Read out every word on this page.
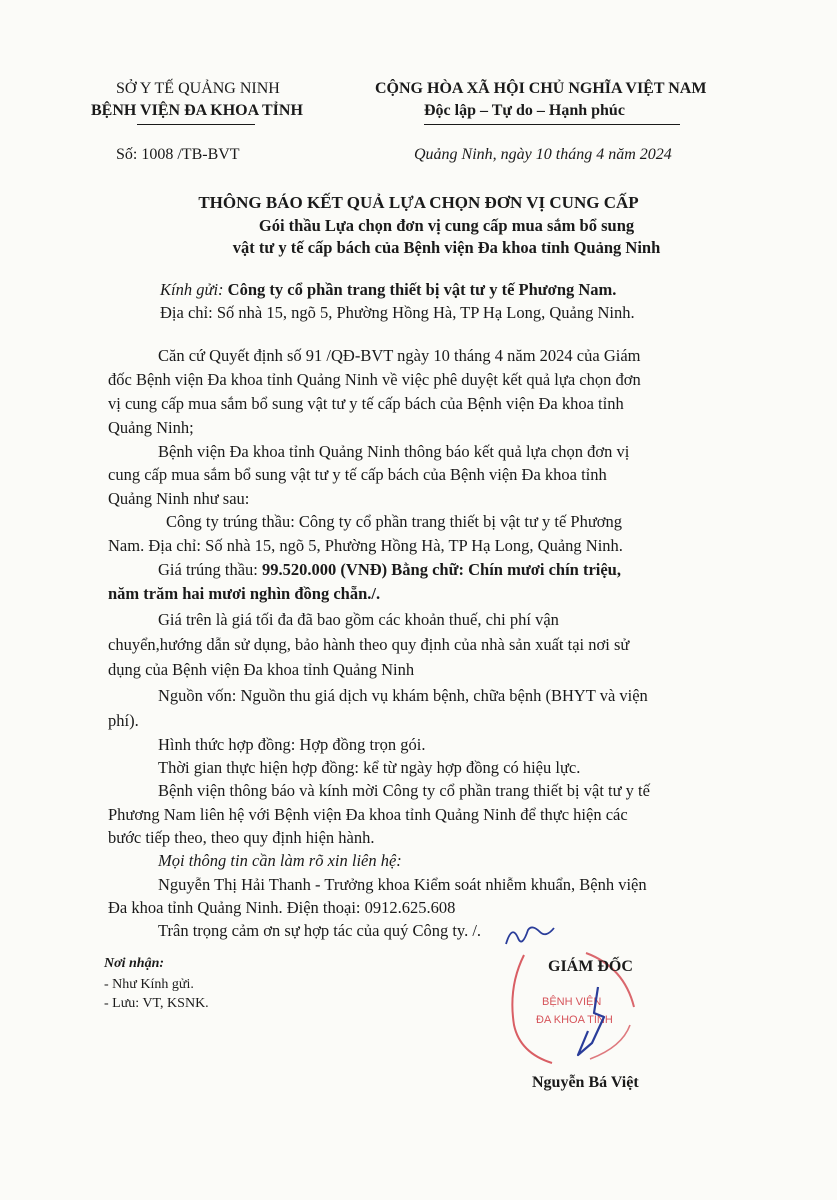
SỞ Y TẾ QUẢNG NINH
BỆNH VIỆN ĐA KHOA TỈNH
CỘNG HÒA XÃ HỘI CHỦ NGHĨA VIỆT NAM
Độc lập – Tự do – Hạnh phúc
Số: 1008 /TB-BVT	Quảng Ninh, ngày 10 tháng 4 năm 2024
THÔNG BÁO KẾT QUẢ LỰA CHỌN ĐƠN VỊ CUNG CẤP
Gói thầu Lựa chọn đơn vị cung cấp mua sắm bổ sung
vật tư y tế cấp bách của Bệnh viện Đa khoa tỉnh Quảng Ninh
Kính gửi: Công ty cổ phần trang thiết bị vật tư y tế Phương Nam.
Địa chỉ: Số nhà 15, ngõ 5, Phường Hồng Hà, TP Hạ Long, Quảng Ninh.
Căn cứ Quyết định số 91 /QĐ-BVT ngày 10 tháng 4 năm 2024 của Giám
đốc Bệnh viện Đa khoa tỉnh Quảng Ninh về việc phê duyệt kết quả lựa chọn đơn
vị cung cấp mua sắm bổ sung vật tư y tế cấp bách của Bệnh viện Đa khoa tỉnh
Quảng Ninh;
Bệnh viện Đa khoa tỉnh Quảng Ninh thông báo kết quả lựa chọn đơn vị
cung cấp mua sắm bổ sung vật tư y tế cấp bách của Bệnh viện Đa khoa tỉnh
Quảng Ninh như sau:
Công ty trúng thầu: Công ty cổ phần trang thiết bị vật tư y tế Phương
Nam. Địa chỉ: Số nhà 15, ngõ 5, Phường Hồng Hà, TP Hạ Long, Quảng Ninh.
Giá trúng thầu: 99.520.000 (VNĐ) Bằng chữ: Chín mươi chín triệu,
năm trăm hai mươi nghìn đồng chẵn./.
Giá trên là giá tối đa đã bao gồm các khoản thuế, chi phí vận
chuyển,hướng dẫn sử dụng, bảo hành theo quy định của nhà sản xuất tại nơi sử
dụng của Bệnh viện Đa khoa tỉnh Quảng Ninh
Nguồn vốn: Nguồn thu giá dịch vụ khám bệnh, chữa bệnh (BHYT và viện
phí).
Hình thức hợp đồng: Hợp đồng trọn gói.
Thời gian thực hiện hợp đồng: kể từ ngày hợp đồng có hiệu lực.
Bệnh viện thông báo và kính mời Công ty cổ phần trang thiết bị vật tư y tế
Phương Nam liên hệ với Bệnh viện Đa khoa tỉnh Quảng Ninh để thực hiện các
bước tiếp theo, theo quy định hiện hành.
Mọi thông tin cần làm rõ xin liên hệ:
Nguyễn Thị Hải Thanh - Trưởng khoa Kiểm soát nhiễm khuẩn, Bệnh viện
Đa khoa tỉnh Quảng Ninh. Điện thoại: 0912.625.608
Trân trọng cảm ơn sự hợp tác của quý Công ty. /.
Nơi nhận:
- Như Kính gửi.
- Lưu: VT, KSNK.	BỆNH VIỆN
ĐA KHOA TỈNH
GIÁM ĐỐC
Nguyễn Bá Việt
